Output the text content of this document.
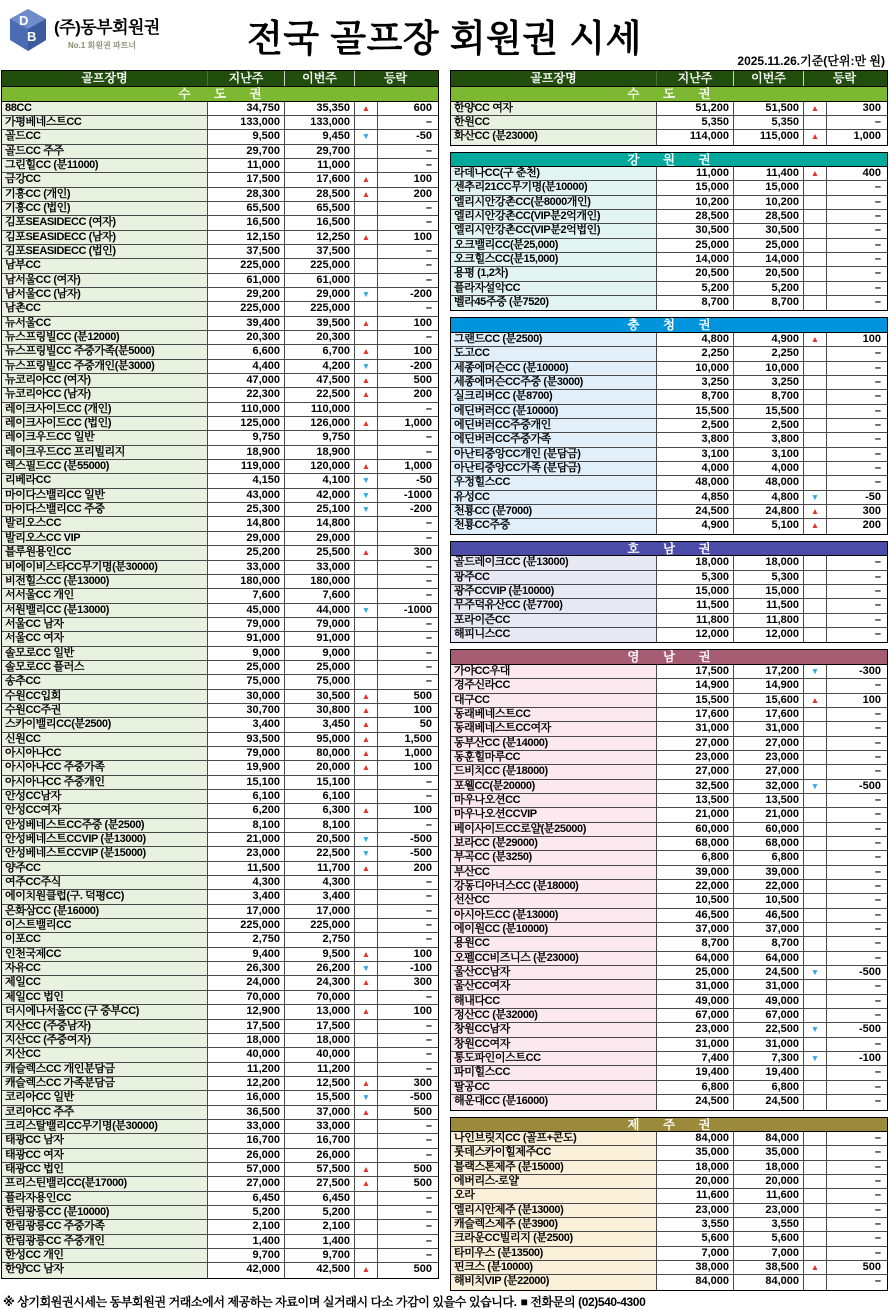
D
B (주)동부회원권
No.1 회원권 파트너	전국 골프장 회원권 시세
2025.11.26.기준(단위:만 원)
골프장명	지난주	이번주	등락
수 도 권
88CC	34,750	35,350	▲	600
가평베네스트CC	133,000	133,000	–
골드CC	9,500	9,450	▼	-50
골드CC 주주	29,700	29,700	–
그린힐CC (분11000)	11,000	11,000	–
금강CC	17,500	17,600	▲	100
기흥CC (개인)	28,300	28,500	▲	200
기흥CC (법인)	65,500	65,500	–
김포SEASIDECC (여자)	16,500	16,500	–
김포SEASIDECC (남자)	12,150	12,250	▲	100
김포SEASIDECC (법인)	37,500	37,500	–
남부CC	225,000	225,000	–
남서울CC (여자)	61,000	61,000	–
남서울CC (남자)	29,200	29,000	▼	-200
남촌CC	225,000	225,000	–
뉴서울CC	39,400	39,500	▲	100
뉴스프링빌CC (분12000)	20,300	20,300	–
뉴스프링빌CC 주중가족(분5000)	6,600	6,700	▲	100
뉴스프링빌CC 주중개인(분3000)	4,400	4,200	▼	-200
뉴코리아CC (여자)	47,000	47,500	▲	500
뉴코리아CC (남자)	22,300	22,500	▲	200
레이크사이드CC (개인)	110,000	110,000	–
레이크사이드CC (법인)	125,000	126,000	▲	1,000
레이크우드CC 일반	9,750	9,750	–
레이크우드CC 프리빌리지	18,900	18,900	–
렉스필드CC (분55000)	119,000	120,000	▲	1,000
리베라CC	4,150	4,100	▼	-50
마이다스밸리CC 일반	43,000	42,000	▼	-1000
마이다스밸리CC 주중	25,300	25,100	▼	-200
발리오스CC	14,800	14,800	–
발리오스CC VIP	29,000	29,000	–
블루원용인CC	25,200	25,500	▲	300
비에이비스타CC무기명(분30000)	33,000	33,000	–
비전힐스CC (분13000)	180,000	180,000	–
서서울CC 개인	7,600	7,600	–
서원밸리CC (분13000)	45,000	44,000	▼	-1000
서울CC 남자	79,000	79,000	–
서울CC 여자	91,000	91,000	–
솔모로CC 일반	9,000	9,000	–
솔모로CC 플러스	25,000	25,000	–
송추CC	75,000	75,000	–
수원CC입회	30,000	30,500	▲	500
수원CC주권	30,700	30,800	▲	100
스카이밸리CC(분2500)	3,400	3,450	▲	50
신원CC	93,500	95,000	▲	1,500
아시아나CC	79,000	80,000	▲	1,000
아시아나CC 주중가족	19,900	20,000	▲	100
아시아나CC 주중개인	15,100	15,100	–
안성CC남자	6,100	6,100	–
안성CC여자	6,200	6,300	▲	100
안성베네스트CC주중 (분2500)	8,100	8,100	–
안성베네스트CCVIP (분13000)	21,000	20,500	▼	-500
안성베네스트CCVIP (분15000)	23,000	22,500	▼	-500
양주CC	11,500	11,700	▲	200
여주CC주식	4,300	4,300	–
에이치원클럽(구. 덕평CC)	3,400	3,400	–
은화삼CC (분16000)	17,000	17,000	–
이스트밸리CC	225,000	225,000	–
이포CC	2,750	2,750	–
인천국제CC	9,400	9,500	▲	100
자유CC	26,300	26,200	▼	-100
제일CC	24,000	24,300	▲	300
제일CC 법인	70,000	70,000	–
더시에나서울CC (구 중부CC)	12,900	13,000	▲	100
지산CC (주중남자)	17,500	17,500	–
지산CC (주중여자)	18,000	18,000	–
지산CC	40,000	40,000	–
캐슬렉스CC 개인분담금	11,200	11,200	–
캐슬렉스CC 가족분담금	12,200	12,500	▲	300
코리아CC 일반	16,000	15,500	▼	-500
코리아CC 주주	36,500	37,000	▲	500
크리스탈밸리CC무기명(분30000)	33,000	33,000	–
태광CC 남자	16,700	16,700	–
태광CC 여자	26,000	26,000	–
태광CC 법인	57,000	57,500	▲	500
프리스틴밸리CC(분17000)	27,000	27,500	▲	500
플라자용인CC	6,450	6,450	–
한림광릉CC (분10000)	5,200	5,200	–
한림광릉CC 주중가족	2,100	2,100	–
한림광릉CC 주중개인	1,400	1,400	–
한성CC 개인	9,700	9,700	–
한양CC 남자	42,000	42,500	▲	500
골프장명	지난주	이번주	등락
수 도 권
한양CC 여자	51,200	51,500	▲	300
한원CC	5,350	5,350	–
화산CC (분23000)	114,000	115,000	▲	1,000
강 원 권
라데나CC(구 춘천)	11,000	11,400	▲	400
센추리21CC무기명(분10000)	15,000	15,000	–
엘리시안강촌CC(분8000개인)	10,200	10,200	–
엘리시안강촌CC(VIP분2억개인)	28,500	28,500	–
엘리시안강촌CC(VIP분2억법인)	30,500	30,500	–
오크밸리CC(분25,000)	25,000	25,000	–
오크힐스CC(분15,000)	14,000	14,000	–
용평 (1,2차)	20,500	20,500	–
플라자설악CC	5,200	5,200	–
벨라45주중 (분7520)	8,700	8,700	–
충 청 권
그랜드CC (분2500)	4,800	4,900	▲	100
도고CC	2,250	2,250	–
세종에머슨CC (분10000)	10,000	10,000	–
세종에머슨CC주중 (분3000)	3,250	3,250	–
실크리버CC (분8700)	8,700	8,700	–
에딘버러CC (분10000)	15,500	15,500	–
에딘버러CC주중개인	2,500	2,500	–
에딘버러CC주중가족	3,800	3,800	–
아난티중앙CC개인 (분담금)	3,100	3,100	–
아난티중앙CC가족 (분담금)	4,000	4,000	–
우정힐스CC	48,000	48,000	–
유성CC	4,850	4,800	▼	-50
천룡CC (분7000)	24,500	24,800	▲	300
천룡CC주중	4,900	5,100	▲	200
호 남 권
골드레이크CC (분13000)	18,000	18,000	–
광주CC	5,300	5,300	–
광주CCVIP (분10000)	15,000	15,000	–
무주덕유산CC (분7700)	11,500	11,500	–
포라이즌CC	11,800	11,800	–
해피니스CC	12,000	12,000	–
영 남 권
가야CC우대	17,500	17,200	▼	-300
경주신라CC	14,900	14,900	–
대구CC	15,500	15,600	▲	100
동래베네스트CC	17,600	17,600	–
동래베네스트CC여자	31,000	31,000	–
동부산CC (분14000)	27,000	27,000	–
동훈힐마루CC	23,000	23,000	–
드비치CC (분18000)	27,000	27,000	–
포웰CC(분20000)	32,500	32,000	▼	-500
마우나오션CC	13,500	13,500	–
마우나오션CCVIP	21,000	21,000	–
베이사이드CC로얄(분25000)	60,000	60,000	–
보라CC (분29000)	68,000	68,000	–
부곡CC (분3250)	6,800	6,800	–
부산CC	39,000	39,000	–
강동디아너스CC (분18000)	22,000	22,000	–
선산CC	10,500	10,500	–
아시아드CC (분13000)	46,500	46,500	–
에이원CC (분10000)	37,000	37,000	–
용원CC	8,700	8,700	–
오펠CC비즈니스 (분23000)	64,000	64,000	–
울산CC남자	25,000	24,500	▼	-500
울산CC여자	31,000	31,000	–
해내다CC	49,000	49,000	–
정산CC (분32000)	67,000	67,000	–
창원CC남자	23,000	22,500	▼	-500
창원CC여자	31,000	31,000	–
통도파인이스트CC	7,400	7,300	▼	-100
파미힐스CC	19,400	19,400	–
팔공CC	6,800	6,800	–
해운대CC (분16000)	24,500	24,500	–
제 주 권
나인브릿지CC (골프+콘도)	84,000	84,000	–
롯데스카이힐제주CC	35,000	35,000	–
블랙스톤제주 (분15000)	18,000	18,000	–
에버리스-로얄	20,000	20,000	–
오라	11,600	11,600	–
엘리시안제주 (분13000)	23,000	23,000	–
캐슬렉스제주 (분3900)	3,550	3,550	–
크라운CC빌리지 (분2500)	5,600	5,600	–
타미우스 (분13500)	7,000	7,000	–
핀크스 (분10000)	38,000	38,500	▲	500
해비치VIP (분22000)	84,000	84,000	–
※ 상기회원권시세는 동부회원권 거래소에서 제공하는 자료이며 실거래시 다소 가감이 있을수 있습니다. ■ 전화문의 (02)540-4300
